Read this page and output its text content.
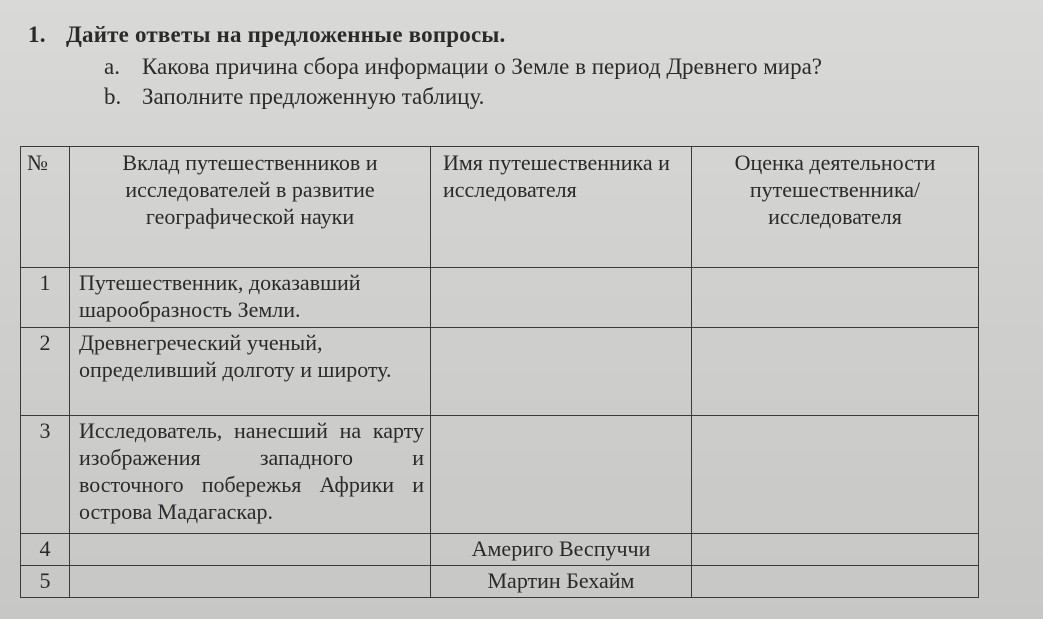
1. Дайте ответы на предложенные вопросы.
a. Какова причина сбора информации о Земле в период Древнего мира?
b. Заполните предложенную таблицу.
№	Вклад путешественников и исследователей в развитие географической науки	Имя путешественника и исследователя	Оценка деятельности путешественника/ исследователя
1	Путешественник, доказавший шарообразность Земли.		
2	Древнегреческий ученый, определивший долготу и широту.		
3	Исследователь, нанесший на карту изображения западного и восточного побережья Африки и острова Мадагаскар.		
4		Америго Веспуччи	
5		Мартин Бехайм	
